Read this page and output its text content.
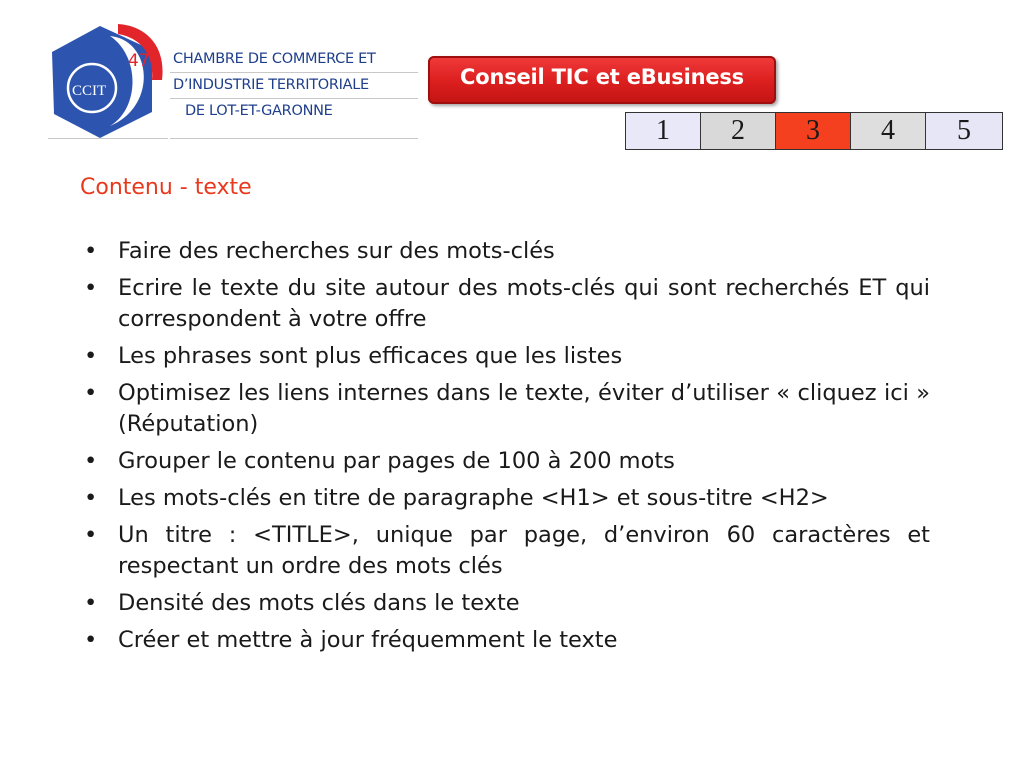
47
CCIT
CHAMBRE DE COMMERCE ET
D’INDUSTRIE TERRITORIALE
DE LOT-ET-GARONNE
Conseil TIC et eBusiness
1	2	3	4	5
Contenu - texte
• Faire des recherches sur des mots-clés
• Ecrire le texte du site autour des mots-clés qui sont recherchés ET qui correspondent à votre offre
• Les phrases sont plus efficaces que les listes
• Optimisez les liens internes dans le texte, éviter d’utiliser « cliquez ici » (Réputation)
• Grouper le contenu par pages de 100 à 200 mots
• Les mots-clés en titre de paragraphe <H1> et sous-titre <H2>
• Un titre : <TITLE>, unique par page, d’environ 60 caractères et respectant un ordre des mots clés
• Densité des mots clés dans le texte
• Créer et mettre à jour fréquemment le texte
